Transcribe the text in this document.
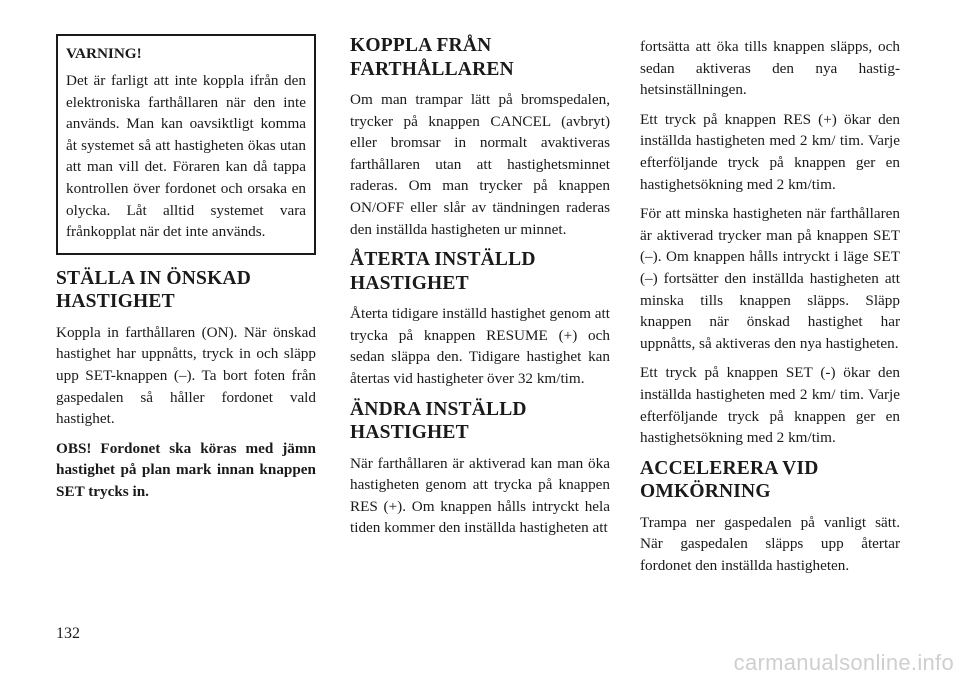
VARNING!

Det är farligt att inte koppla ifrån den elektroniska farthållaren när den inte används. Man kan oavsiktligt komma åt systemet så att hastigheten ökas utan att man vill det. Föraren kan då tappa kontrollen över fordonet och orsaka en olycka. Låt alltid systemet vara frånkopplat när det inte används.

STÄLLA IN ÖNSKAD HASTIGHET

Koppla in farthållaren (ON). När önskad hastighet har uppnåtts, tryck in och släpp upp SET-knappen (–). Ta bort foten från gaspedalen så håller fordonet vald hastighet.

OBS! Fordonet ska köras med jämn hastighet på plan mark innan knappen SET trycks in.

KOPPLA FRÅN FARTHÅLLAREN

Om man trampar lätt på bromspedalen, trycker på knappen CANCEL (avbryt) eller bromsar in normalt avaktiveras farthållaren utan att hastighetsminnet raderas. Om man trycker på knappen ON/OFF eller slår av tändningen raderas den inställda hastigheten ur minnet.

ÅTERTA INSTÄLLD HASTIGHET

Återta tidigare inställd hastighet genom att trycka på knappen RESUME (+) och sedan släppa den. Tidigare hastighet kan återtas vid hastigheter över 32 km/tim.

ÄNDRA INSTÄLLD HASTIGHET

När farthållaren är aktiverad kan man öka hastigheten genom att trycka på knappen RES (+). Om knappen hålls intryckt hela tiden kommer den inställda hastigheten att

fortsätta att öka tills knappen släpps, och sedan aktiveras den nya hastighetsinställningen.

Ett tryck på knappen RES (+) ökar den inställda hastigheten med 2 km/ tim. Varje efterföljande tryck på knappen ger en hastighetsökning med 2 km/tim.

För att minska hastigheten när farthållaren är aktiverad trycker man på knappen SET (–). Om knappen hålls intryckt i läge SET (–) fortsätter den inställda hastigheten att minska tills knappen släpps. Släpp knappen när önskad hastighet har uppnåtts, så aktiveras den nya hastigheten.

Ett tryck på knappen SET (-) ökar den inställda hastigheten med 2 km/ tim. Varje efterföljande tryck på knappen ger en hastighetsökning med 2 km/tim.

ACCELERERA VID OMKÖRNING

Trampa ner gaspedalen på vanligt sätt. När gaspedalen släpps upp återtar fordonet den inställda hastigheten.

132
carmanualsonline.info
